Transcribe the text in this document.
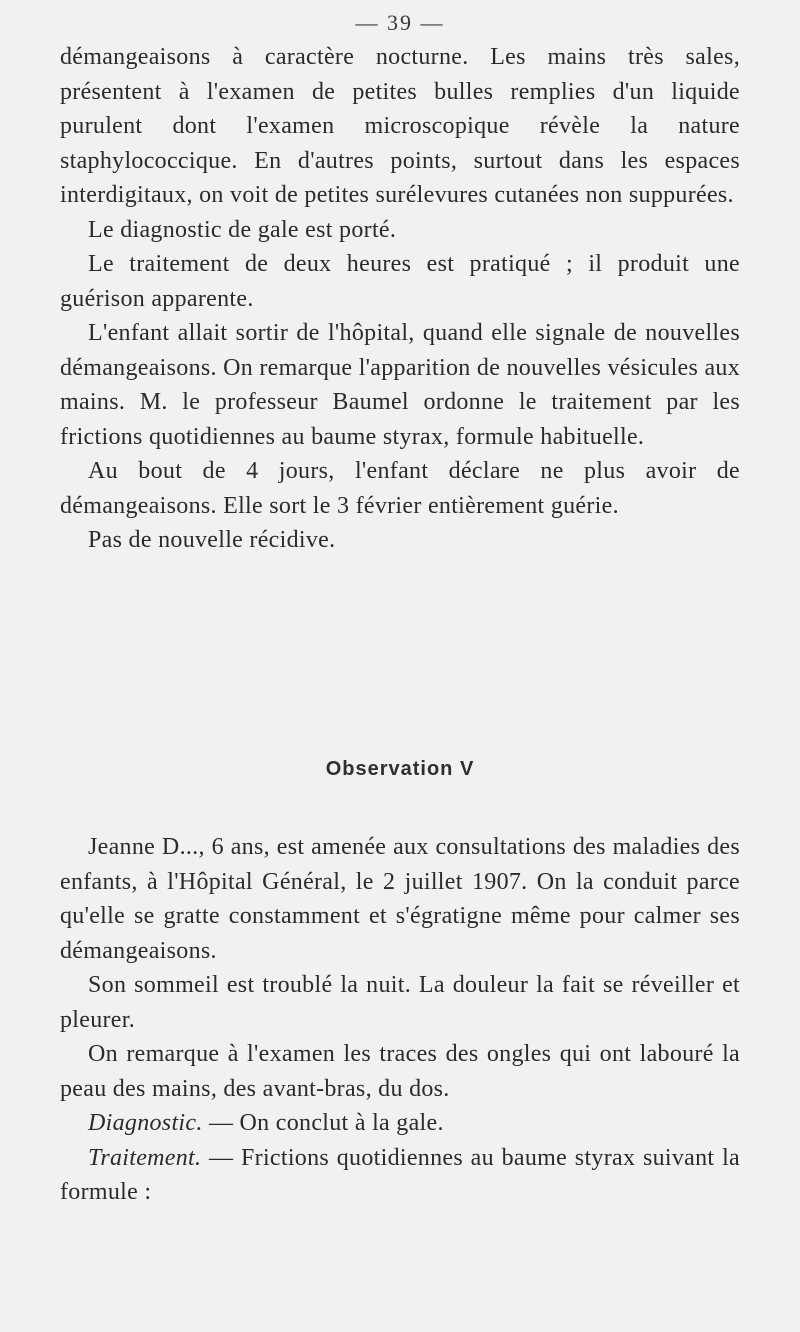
— 39 —

démangeaisons à caractère nocturne. Les mains très sales, présentent à l'examen de petites bulles remplies d'un liquide purulent dont l'examen microscopique révèle la nature staphylococcique. En d'autres points, surtout dans les espaces interdigitaux, on voit de petites surélevures cutanées non suppurées.

Le diagnostic de gale est porté.

Le traitement de deux heures est pratiqué ; il produit une guérison apparente.

L'enfant allait sortir de l'hôpital, quand elle signale de nouvelles démangeaisons. On remarque l'apparition de nouvelles vésicules aux mains. M. le professeur Baumel ordonne le traitement par les frictions quotidiennes au baume styrax, formule habituelle.

Au bout de 4 jours, l'enfant déclare ne plus avoir de démangeaisons. Elle sort le 3 février entièrement guérie.

Pas de nouvelle récidive.

Observation V

Jeanne D..., 6 ans, est amenée aux consultations des maladies des enfants, à l'Hôpital Général, le 2 juillet 1907. On la conduit parce qu'elle se gratte constamment et s'égratigne même pour calmer ses démangeaisons.

Son sommeil est troublé la nuit. La douleur la fait se réveiller et pleurer.

On remarque à l'examen les traces des ongles qui ont labouré la peau des mains, des avant-bras, du dos.

Diagnostic. — On conclut à la gale.

Traitement. — Frictions quotidiennes au baume styrax suivant la formule :
